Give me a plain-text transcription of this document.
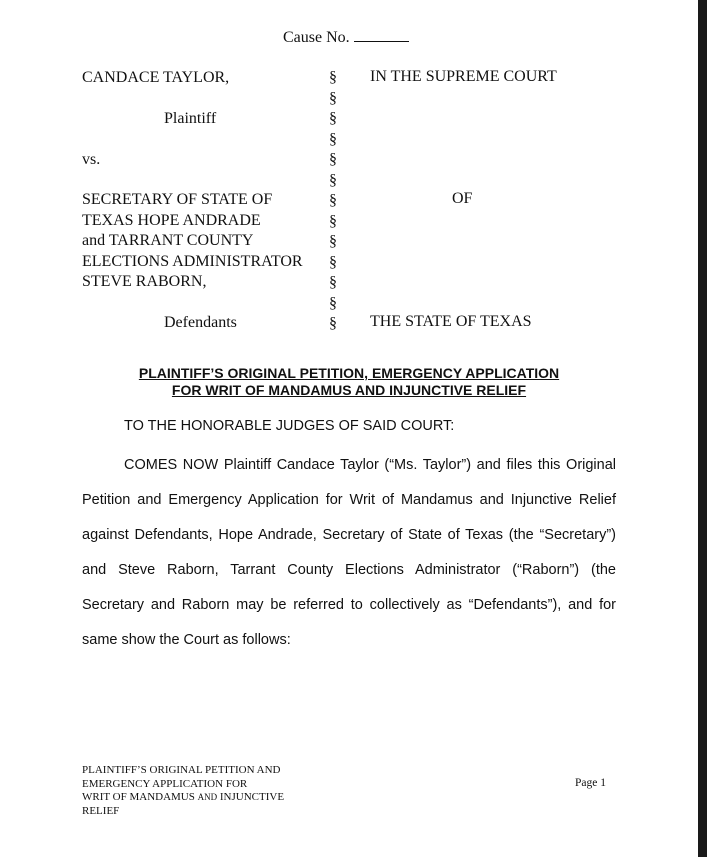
Cause No.
CANDACE TAYLOR,
Plaintiff
vs.
SECRETARY OF STATE OF
TEXAS HOPE ANDRADE
and TARRANT COUNTY
ELECTIONS ADMINISTRATOR
STEVE RABORN,
Defendants
§
§
§
§
§
§
§
§
§
§
§
§
§
IN THE SUPREME COURT
OF
THE STATE OF TEXAS
PLAINTIFF’S ORIGINAL PETITION, EMERGENCY APPLICATION
FOR WRIT OF MANDAMUS AND INJUNCTIVE RELIEF
TO THE HONORABLE JUDGES OF SAID COURT:
COMES NOW Plaintiff Candace Taylor (“Ms. Taylor”) and files this Original Petition and Emergency Application for Writ of Mandamus and Injunctive Relief against Defendants, Hope Andrade, Secretary of State of Texas (the “Secretary”) and Steve Raborn, Tarrant County Elections Administrator (“Raborn”) (the Secretary and Raborn may be referred to collectively as “Defendants”), and for same show the Court as follows:
PLAINTIFF’S ORIGINAL PETITION AND
EMERGENCY APPLICATION FOR
WRIT OF MANDAMUS AND INJUNCTIVE
RELIEF
Page 1
